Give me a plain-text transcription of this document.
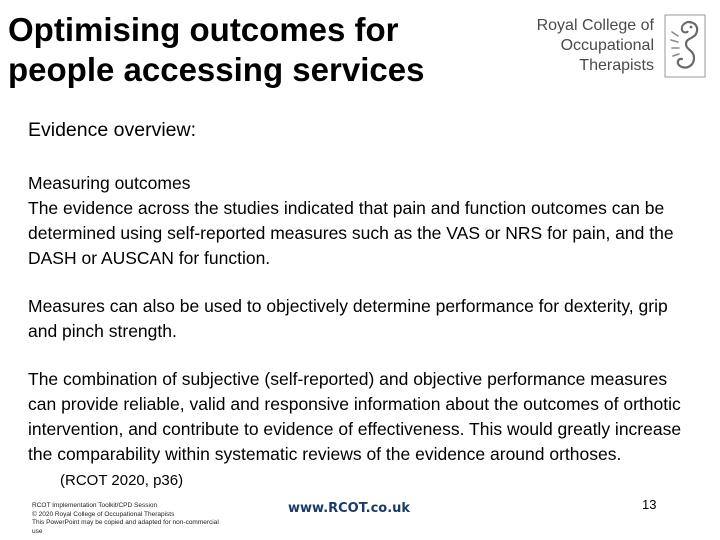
Optimising outcomes for
people accessing services
Royal College of
Occupational
Therapists

Evidence overview:

Measuring outcomes

The evidence across the studies indicated that pain and function outcomes can be determined using self-reported measures such as the VAS or NRS for pain, and the DASH or AUSCAN for function.

Measures can also be used to objectively determine performance for dexterity, grip and pinch strength.

The combination of subjective (self-reported) and objective performance measures can provide reliable, valid and responsive information about the outcomes of orthotic intervention, and contribute to evidence of effectiveness. This would greatly increase the comparability within systematic reviews of the evidence around orthoses.(RCOT 2020, p36)

RCOT Implementation Toolkit/CPD Session
© 2020 Royal College of Occupational Therapists
This PowerPoint may be copied and adapted for non-commercial use
www.RCOT.co.uk	13
